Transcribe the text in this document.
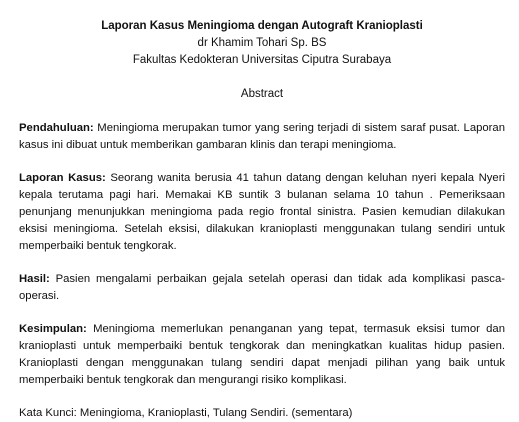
Laporan Kasus Meningioma dengan Autograft Kranioplasti
dr Khamim Tohari Sp. BS
Fakultas Kedokteran Universitas Ciputra Surabaya
Abstract
Pendahuluan: Meningioma merupakan tumor yang sering terjadi di sistem saraf pusat. Laporan kasus ini dibuat untuk memberikan gambaran klinis dan terapi meningioma.
Laporan Kasus: Seorang wanita berusia 41 tahun datang dengan keluhan nyeri kepala Nyeri kepala terutama pagi hari. Memakai KB suntik 3 bulanan selama 10 tahun . Pemeriksaan penunjang menunjukkan meningioma pada regio frontal sinistra. Pasien kemudian dilakukan eksisi meningioma. Setelah eksisi, dilakukan kranioplasti menggunakan tulang sendiri untuk memperbaiki bentuk tengkorak.
Hasil: Pasien mengalami perbaikan gejala setelah operasi dan tidak ada komplikasi pasca-operasi.
Kesimpulan: Meningioma memerlukan penanganan yang tepat, termasuk eksisi tumor dan kranioplasti untuk memperbaiki bentuk tengkorak dan meningkatkan kualitas hidup pasien. Kranioplasti dengan menggunakan tulang sendiri dapat menjadi pilihan yang baik untuk memperbaiki bentuk tengkorak dan mengurangi risiko komplikasi.
Kata Kunci: Meningioma, Kranioplasti, Tulang Sendiri. (sementara)
